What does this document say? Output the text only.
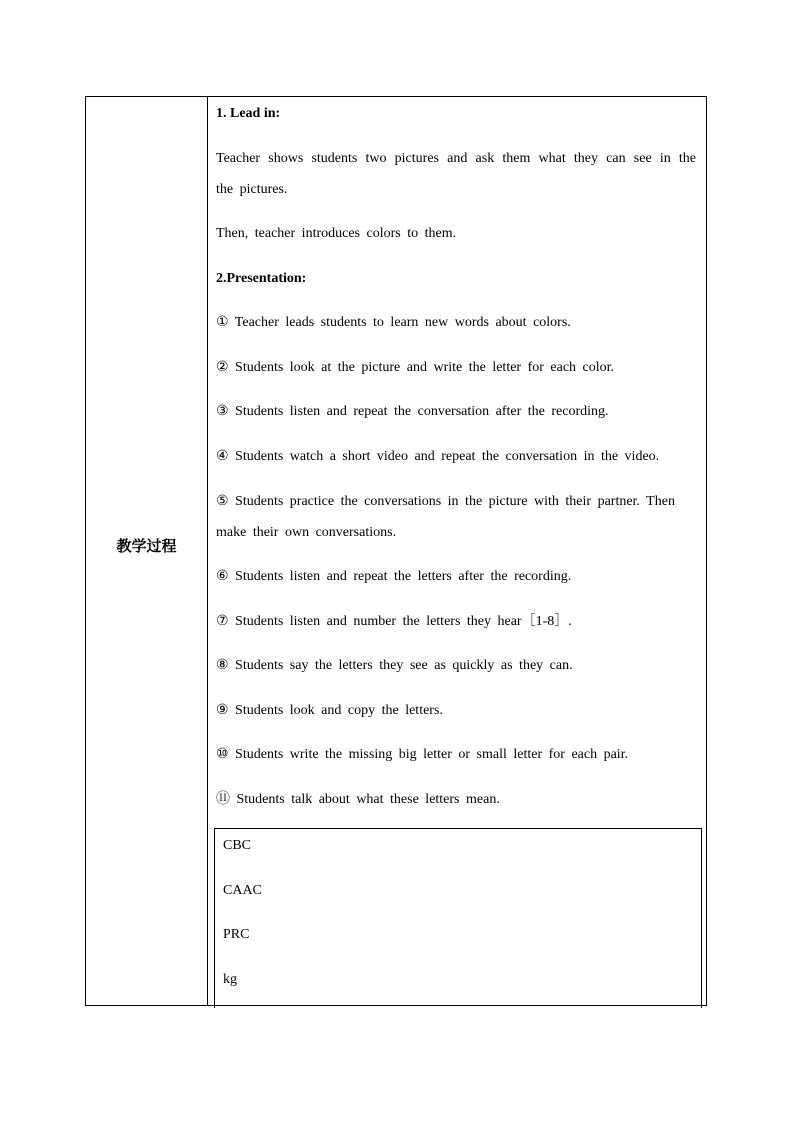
教学过程

1. Lead in:

Teacher shows students two pictures and ask them what they can see in the the pictures.

Then, teacher introduces colors to them.

2.Presentation:

① Teacher leads students to learn new words about colors.

② Students look at the picture and write the letter for each color.

③ Students listen and repeat the conversation after the recording.

④ Students watch a short video and repeat the conversation in the video.

⑤ Students practice the conversations in the picture with their partner. Then make their own conversations.

⑥ Students listen and repeat the letters after the recording.

⑦ Students listen and number the letters they hear［1-8］.

⑧ Students say the letters they see as quickly as they can.

⑨ Students look and copy the letters.

⑩ Students write the missing big letter or small letter for each pair.

⑪ Students talk about what these letters mean.

CBC
CAAC
PRC
kg
